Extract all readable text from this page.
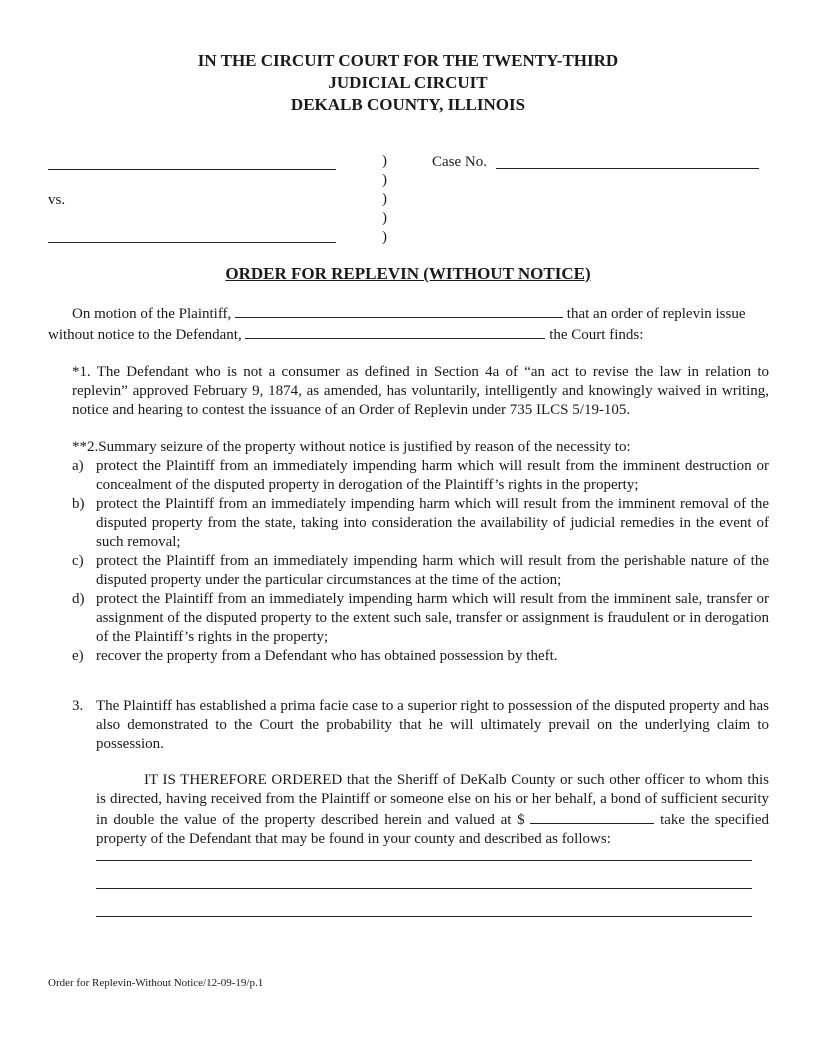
IN THE CIRCUIT COURT FOR THE TWENTY-THIRD
JUDICIAL CIRCUIT
DEKALB COUNTY, ILLINOIS
vs.
)
)
)
)
)
Case No.
ORDER FOR REPLEVIN (WITHOUT NOTICE)
On motion of the Plaintiff,	that an order of replevin issue
without notice to the Defendant,	the Court finds:
*1. The Defendant who is not a consumer as defined in Section 4a of “an act to revise the law in relation to replevin” approved February 9, 1874, as amended, has voluntarily, intelligently and knowingly waived in writing, notice and hearing to contest the issuance of an Order of Replevin under 735 ILCS 5/19-105.
**2.Summary seizure of the property without notice is justified by reason of the necessity to:
a) protect the Plaintiff from an immediately impending harm which will result from the imminent destruction or concealment of the disputed property in derogation of the Plaintiff’s rights in the property;
b) protect the Plaintiff from an immediately impending harm which will result from the imminent removal of the disputed property from the state, taking into consideration the availability of judicial remedies in the event of such removal;
c) protect the Plaintiff from an immediately impending harm which will result from the perishable nature of the disputed property under the particular circumstances at the time of the action;
d) protect the Plaintiff from an immediately impending harm which will result from the imminent sale, transfer or assignment of the disputed property to the extent such sale, transfer or assignment is fraudulent or in derogation of the Plaintiff’s rights in the property;
e) recover the property from a Defendant who has obtained possession by theft.
3. The Plaintiff has established a prima facie case to a superior right to possession of the disputed property and has also demonstrated to the Court the probability that he will ultimately prevail on the underlying claim to possession.
IT IS THEREFORE ORDERED that the Sheriff of DeKalb County or such other officer to whom this is directed, having received from the Plaintiff or someone else on his or her behalf, a bond of sufficient security in double the value of the property described herein and valued at $	take the specified property of the Defendant that may be found in your county and described as follows:
Order for Replevin-Without Notice/12-09-19/p.1
